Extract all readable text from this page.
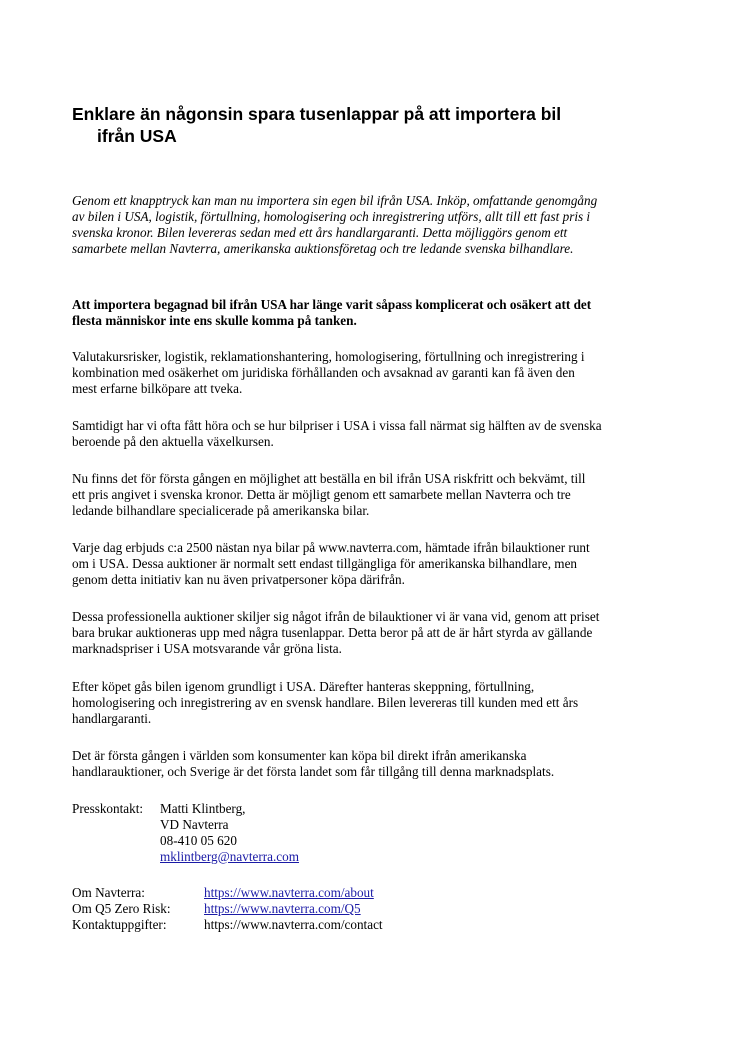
Enklare än någonsin spara tusenlappar på att importera bil
ifrån USA

Genom ett knapptryck kan man nu importera sin egen bil ifrån USA. Inköp, omfattande genomgång
av bilen i USA, logistik, förtullning, homologisering och inregistrering utförs, allt till ett fast pris i
svenska kronor. Bilen levereras sedan med ett års handlargaranti. Detta möjliggörs genom ett
samarbete mellan Navterra, amerikanska auktionsföretag och tre ledande svenska bilhandlare.

Att importera begagnad bil ifrån USA har länge varit såpass komplicerat och osäkert att det
flesta människor inte ens skulle komma på tanken.

Valutakursrisker, logistik, reklamationshantering, homologisering, förtullning och inregistrering i
kombination med osäkerhet om juridiska förhållanden och avsaknad av garanti kan få även den
mest erfarne bilköpare att tveka.

Samtidigt har vi ofta fått höra och se hur bilpriser i USA i vissa fall närmat sig hälften av de svenska
beroende på den aktuella växelkursen.

Nu finns det för första gången en möjlighet att beställa en bil ifrån USA riskfritt och bekvämt, till
ett pris angivet i svenska kronor. Detta är möjligt genom ett samarbete mellan Navterra och tre
ledande bilhandlare specialicerade på amerikanska bilar.

Varje dag erbjuds c:a 2500 nästan nya bilar på www.navterra.com, hämtade ifrån bilauktioner runt
om i USA. Dessa auktioner är normalt sett endast tillgängliga för amerikanska bilhandlare, men
genom detta initiativ kan nu även privatpersoner köpa därifrån.

Dessa professionella auktioner skiljer sig något ifrån de bilauktioner vi är vana vid, genom att priset
bara brukar auktioneras upp med några tusenlappar. Detta beror på att de är hårt styrda av gällande
marknadspriser i USA motsvarande vår gröna lista.

Efter köpet gås bilen igenom grundligt i USA. Därefter hanteras skeppning, förtullning,
homologisering och inregistrering av en svensk handlare. Bilen levereras till kunden med ett års
handlargaranti.

Det är första gången i världen som konsumenter kan köpa bil direkt ifrån amerikanska
handlarauktioner, och Sverige är det första landet som får tillgång till denna marknadsplats.

Presskontakt: Matti Klintberg,
VD Navterra
08-410 05 620
mklintberg@navterra.com
Om Navterra:	https://www.navterra.com/about
Om Q5 Zero Risk:	https://www.navterra.com/Q5
Kontaktuppgifter:	https://www.navterra.com/contact
